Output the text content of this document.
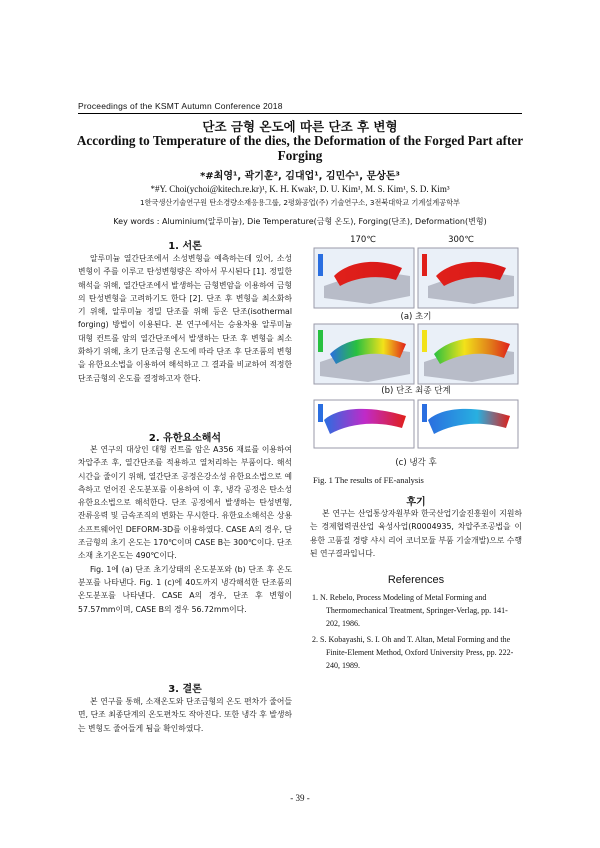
Proceedings of the KSMT Autumn Conference 2018
단조 금형 온도에 따른 단조 후 변형
According to Temperature of the dies, the Deformation of the Forged Part after Forging
*#최영¹, 곽기훈², 김대업¹, 김민수¹, 문상돈³
*#Y. Choi(ychoi@kitech.re.kr)¹, K. H. Kwak², D. U. Kim¹, M. S. Kim¹, S. D. Kim³
1한국생산기술연구원 탄소경량소재응용그룹, 2평화공업(주) 기술연구소, 3전북대학교 기계설계공학부
Key words : Aluminium(알루미늄), Die Temperature(금형 온도), Forging(단조), Deformation(변형)
1. 서론

알루미늄 열간단조에서 소성변형을 예측하는데 있어, 소성변형이 주를 이루고 탄성변형량은 작아서 무시된다 [1]. 정밀한 해석을 위해, 열간단조에서 발생하는 금형변암을 이용하여 금형의 탄성변형을 고려하기도 한다 [2]. 단조 후 변형을 최소화하기 위해, 알루미늄 정밀 단조를 위해 등온 단조(isothermal forging) 방법이 이용된다. 본 연구에서는 승용차용 알루미늄 대형 컨트롤 암의 열간단조에서 발생하는 단조 후 변형을 최소화하기 위해, 초기 단조금형 온도에 따라 단조 후 단조품의 변형을 유한요소법을 이용하여 해석하고 그 결과를 비교하여 적정한 단조금형의 온도를 결정하고자 한다.

2. 유한요소해석

본 연구의 대상인 대형 컨트롤 암은 A356 재료를 이용하여 차압주조 후, 열간단조를 적용하고 열처리하는 부품이다. 해석시간을 줄이기 위해, 열간단조 공정은강소성 유한요소법으로 예측하고 얻어진 온도분포를 이용하여 이 후, 냉각 공정은 탄소성 유한요소법으로 해석한다. 단조 공정에서 발생하는 탄성변형, 잔류응력 및 금속조직의 변화는 무시한다. 유한요소해석은 상용소프트웨어인 DEFORM-3D를 이용하였다. CASE A의 경우, 단조금형의 초기 온도는 170℃이며 CASE B는 300℃이다. 단조 소재 초기온도는 490℃이다.

Fig. 1에 (a) 단조 초기상태의 온도분포와 (b) 단조 후 온도분포를 나타낸다. Fig. 1 (c)에 40도까지 냉각해석한 단조품의 온도분포를 나타낸다. CASE A의 경우, 단조 후 변형이 57.57mm이며, CASE B의 경우 56.72mm이다.

3. 결론

본 연구를 통해, 소재온도와 단조금형의 온도 편차가 줄어들면, 단조 최종단계의 온도편차도 작아진다. 또한 냉각 후 발생하는 변형도 줄어들게 됨을 확인하였다.

170℃	300℃
(a) 초기
(b) 단조 최종 단계
(c) 냉각 후
Fig. 1 The results of FE-analysis
후기

본 연구는 산업통상자원부와 한국산업기술진흥원이 지원하는 경제협력권산업 육성사업(R0004935, 차압주조공법을 이용한 고품질 경량 샤시 리어 코너모듈 부품 기술개발)으로 수행된 연구결과입니다.

References

1. N. Rebelo, Process Modeling of Metal Forming and Thermomechanical Treatment, Springer-Verlag, pp. 141-202, 1986.

2. S. Kobayashi, S. I. Oh and T. Altan, Metal Forming and the Finite-Element Method, Oxford University Press, pp. 222-240, 1989.

- 39 -
